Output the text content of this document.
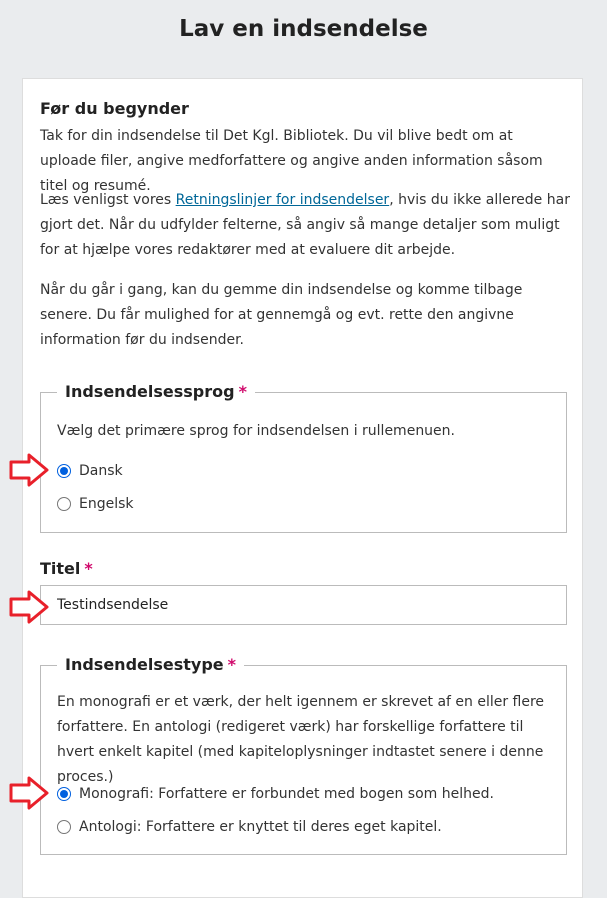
Lav en indsendelse
Før du begynder

Tak for din indsendelse til Det Kgl. Bibliotek. Du vil blive bedt om at uploade filer, angive medforfattere og angive anden information såsom titel og resumé.

Læs venligst vores Retningslinjer for indsendelser, hvis du ikke allerede har gjort det. Når du udfylder felterne, så angiv så mange detaljer som muligt for at hjælpe vores redaktører med at evaluere dit arbejde.

Når du går i gang, kan du gemme din indsendelse og komme tilbage senere. Du får mulighed for at gennemgå og evt. rette den angivne information før du indsender.

Indsendelsessprog *

Vælg det primære sprog for indsendelsen i rullemenuen.

Dansk
Engelsk
Titel *
Testindsendelse
Indsendelsestype *

En monografi er et værk, der helt igennem er skrevet af en eller flere forfattere. En antologi (redigeret værk) har forskellige forfattere til hvert enkelt kapitel (med kapiteloplysninger indtastet senere i denne proces.)

Monografi: Forfattere er forbundet med bogen som helhed.
Antologi: Forfattere er knyttet til deres eget kapitel.
